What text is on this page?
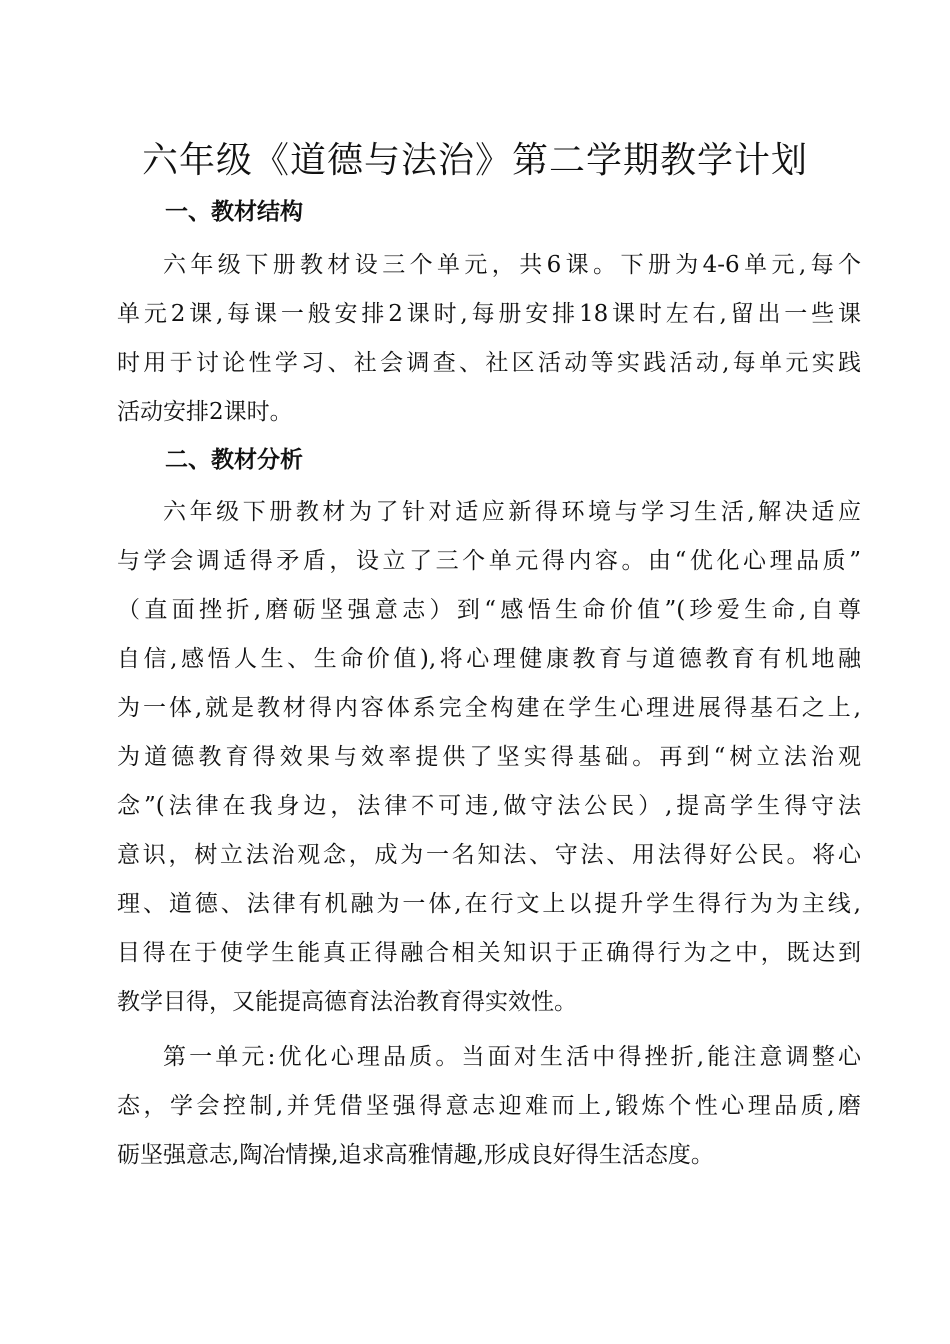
六年级《道德与法治》第二学期教学计划
一、教材结构
六年级下册教材设三个单元，共6课。下册为4-6单元,每个
单元2课,每课一般安排2课时,每册安排18课时左右,留出一些课
时用于讨论性学习、社会调查、社区活动等实践活动,每单元实践
活动安排2课时。
二、教材分析
六年级下册教材为了针对适应新得环境与学习生活,解决适应
与学会调适得矛盾，设立了三个单元得内容。由“优化心理品质”
（直面挫折,磨砺坚强意志）到“感悟生命价值”(珍爱生命,自尊
自信,感悟人生、生命价值),将心理健康教育与道德教育有机地融
为一体,就是教材得内容体系完全构建在学生心理进展得基石之上,
为道德教育得效果与效率提供了坚实得基础。再到“树立法治观
念”(法律在我身边，法律不可违,做守法公民）,提高学生得守法
意识，树立法治观念，成为一名知法、守法、用法得好公民。将心
理、道德、法律有机融为一体,在行文上以提升学生得行为为主线,
目得在于使学生能真正得融合相关知识于正确得行为之中，既达到
教学目得，又能提高德育法治教育得实效性。
第一单元:优化心理品质。当面对生活中得挫折,能注意调整心
态，学会控制,并凭借坚强得意志迎难而上,锻炼个性心理品质,磨
砺坚强意志,陶冶情操,追求高雅情趣,形成良好得生活态度。
